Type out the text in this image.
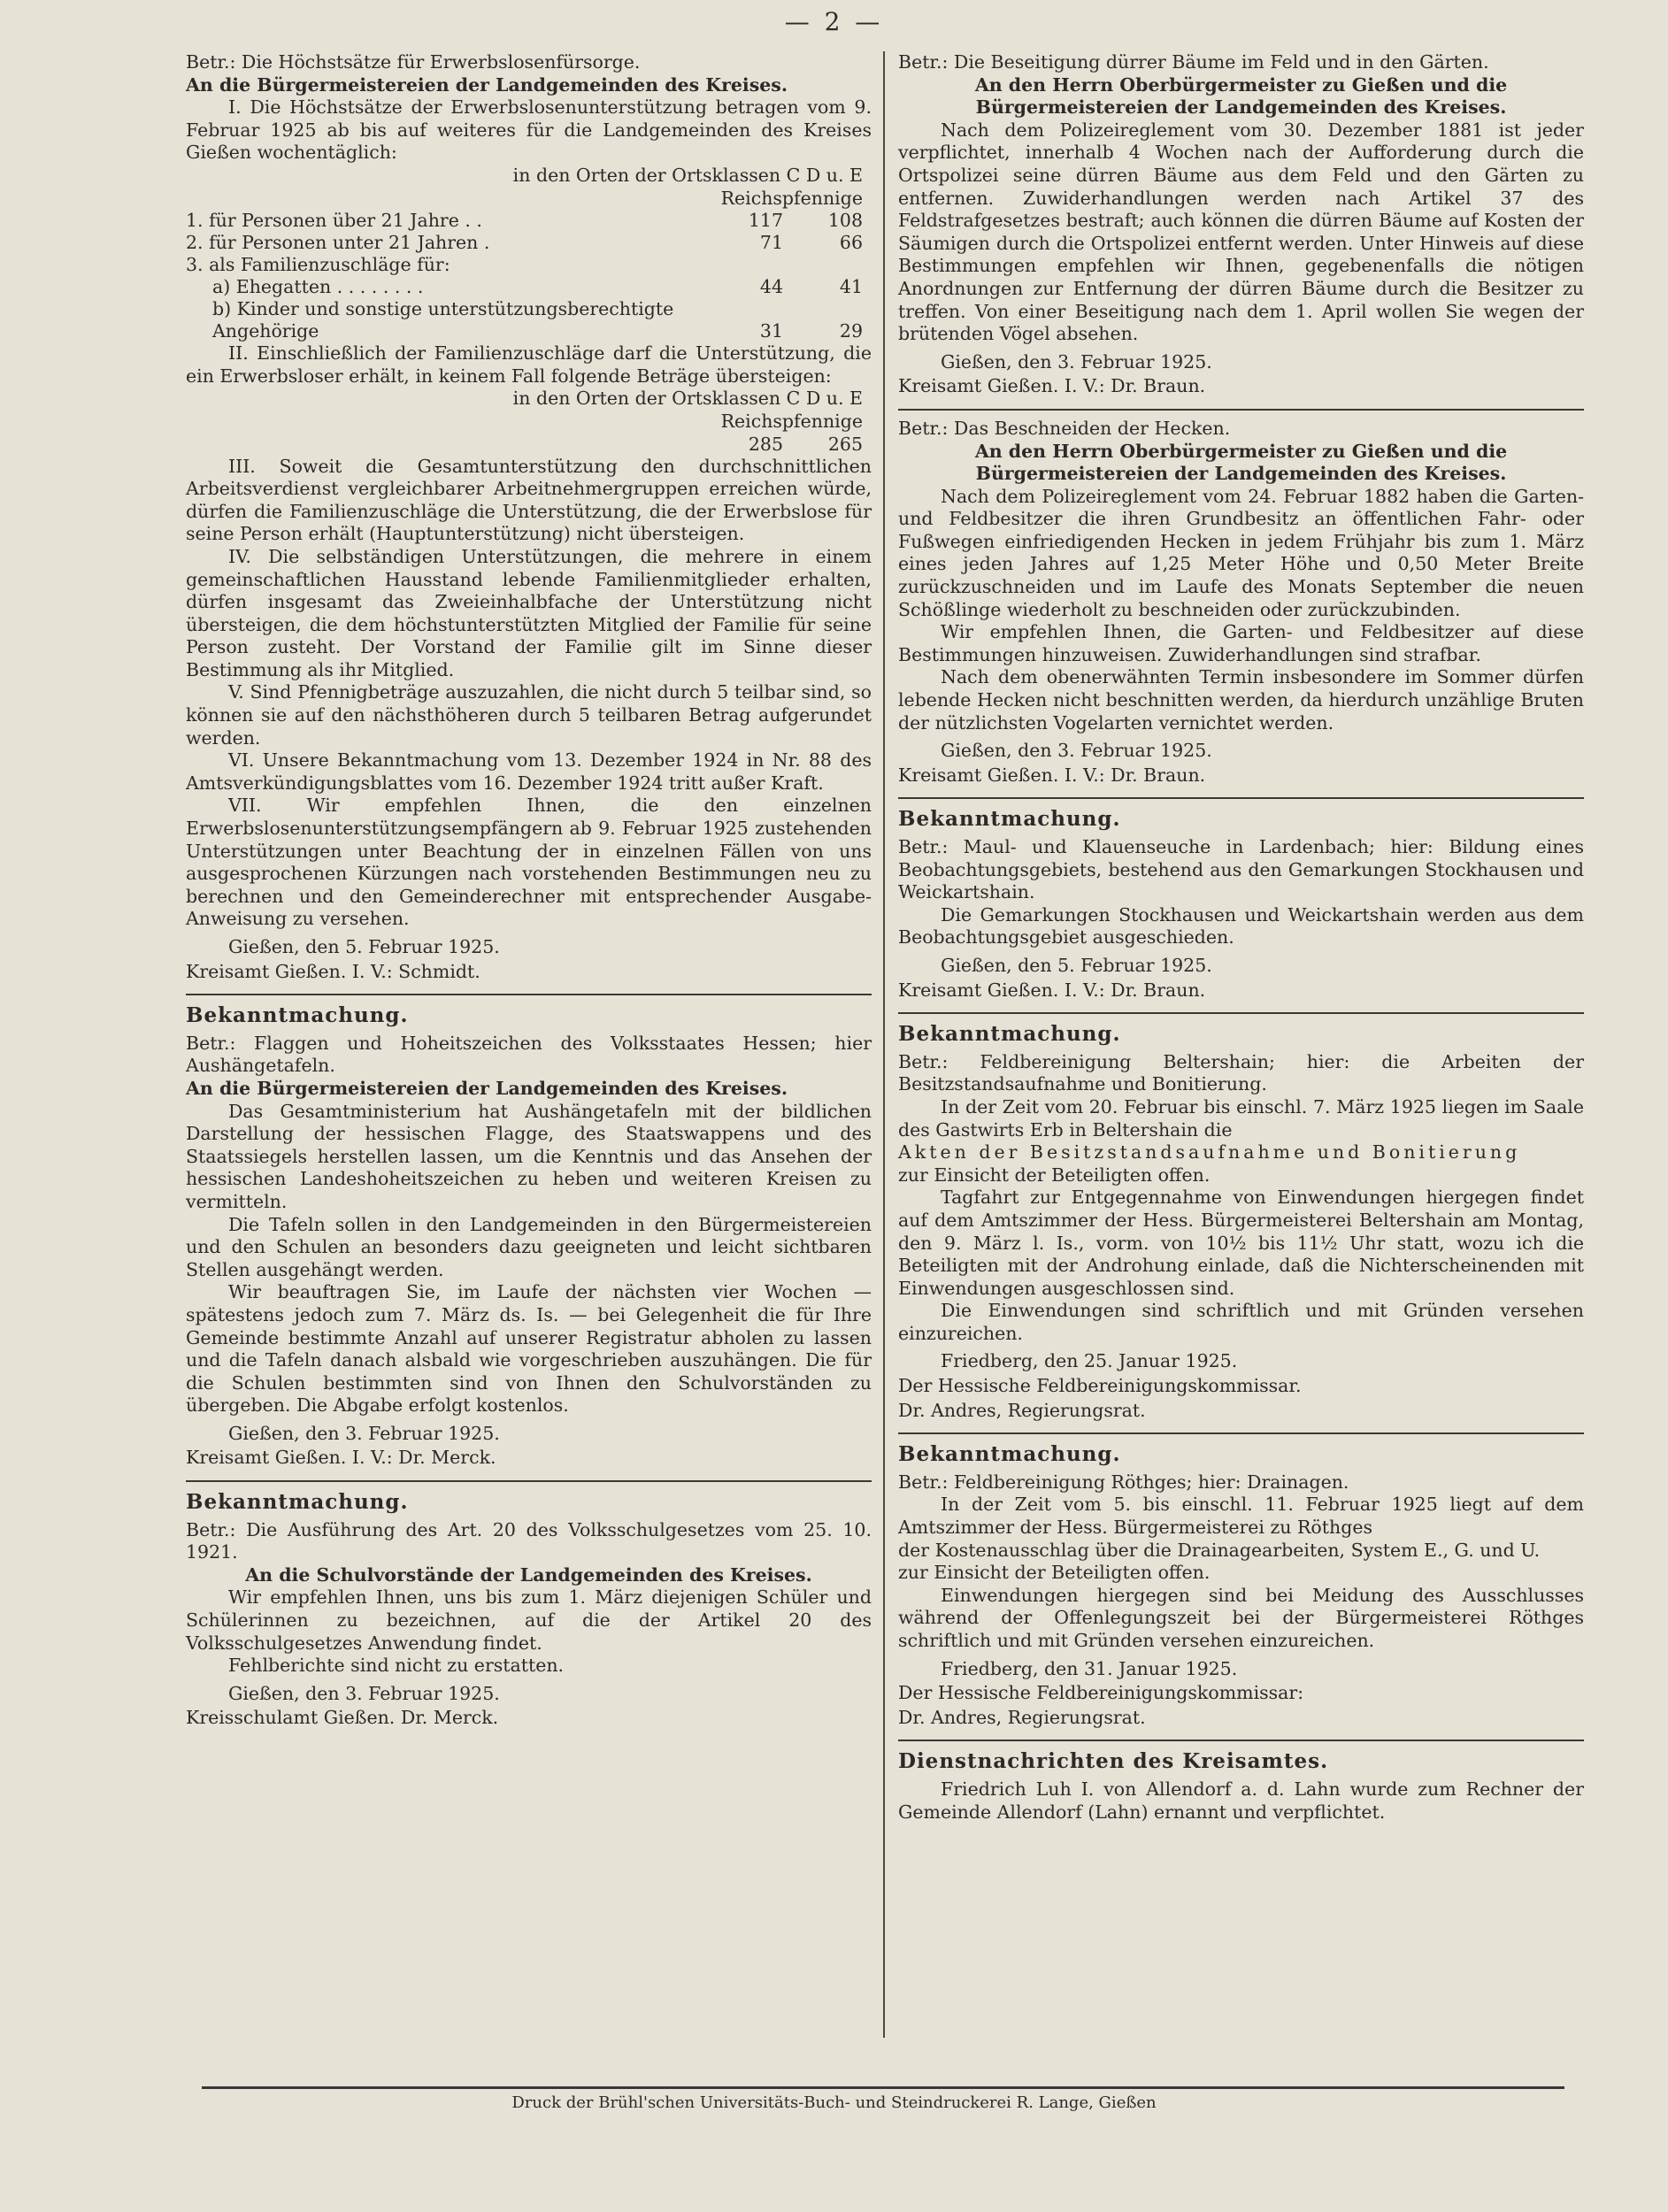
— 2 —

Betr.: Die Höchstsätze für Erwerbslosenfürsorge.

An die Bürgermeistereien der Landgemeinden des Kreises.

I. Die Höchstsätze der Erwerbslosenunterstützung betragen vom 9. Februar 1925 ab bis auf weiteres für die Landgemeinden des Kreises Gießen wochentäglich:

in den Orten der Ortsklassen C D u. E
Reichspfennige
1. für Personen über 21 Jahre . .	117	108
2. für Personen unter 21 Jahren .	71	66
3. als Familienzuschläge für:		
a) Ehegatten . . . . . . . .	44	41
b) Kinder und sonstige unterstützungsberechtigte Angehörige	31	29

II. Einschließlich der Familienzuschläge darf die Unterstützung, die ein Erwerbsloser erhält, in keinem Fall folgende Beträge übersteigen:

in den Orten der Ortsklassen C D u. E
Reichspfennige
	285	265

III. Soweit die Gesamtunterstützung den durchschnittlichen Arbeitsverdienst vergleichbarer Arbeitnehmergruppen erreichen würde, dürfen die Familienzuschläge die Unterstützung, die der Erwerbslose für seine Person erhält (Hauptunterstützung) nicht übersteigen.

IV. Die selbständigen Unterstützungen, die mehrere in einem gemeinschaftlichen Hausstand lebende Familienmitglieder erhalten, dürfen insgesamt das Zweieinhalbfache der Unterstützung nicht übersteigen, die dem höchstunterstützten Mitglied der Familie für seine Person zusteht. Der Vorstand der Familie gilt im Sinne dieser Bestimmung als ihr Mitglied.

V. Sind Pfennigbeträge auszuzahlen, die nicht durch 5 teilbar sind, so können sie auf den nächsthöheren durch 5 teilbaren Betrag aufgerundet werden.

VI. Unsere Bekanntmachung vom 13. Dezember 1924 in Nr. 88 des Amtsverkündigungsblattes vom 16. Dezember 1924 tritt außer Kraft.

VII. Wir empfehlen Ihnen, die den einzelnen Erwerbslosenunterstützungsempfängern ab 9. Februar 1925 zustehenden Unterstützungen unter Beachtung der in einzelnen Fällen von uns ausgesprochenen Kürzungen nach vorstehenden Bestimmungen neu zu berechnen und den Gemeinderechner mit entsprechender Ausgabe-Anweisung zu versehen.

Gießen, den 5. Februar 1925.

Kreisamt Gießen. I. V.: Schmidt.

Bekanntmachung.

Betr.: Flaggen und Hoheitszeichen des Volksstaates Hessen; hier Aushängetafeln.

An die Bürgermeistereien der Landgemeinden des Kreises.

Das Gesamtministerium hat Aushängetafeln mit der bildlichen Darstellung der hessischen Flagge, des Staatswappens und des Staatssiegels herstellen lassen, um die Kenntnis und das Ansehen der hessischen Landeshoheitszeichen zu heben und weiteren Kreisen zu vermitteln.

Die Tafeln sollen in den Landgemeinden in den Bürgermeistereien und den Schulen an besonders dazu geeigneten und leicht sichtbaren Stellen ausgehängt werden.

Wir beauftragen Sie, im Laufe der nächsten vier Wochen — spätestens jedoch zum 7. März ds. Is. — bei Gelegenheit die für Ihre Gemeinde bestimmte Anzahl auf unserer Registratur abholen zu lassen und die Tafeln danach alsbald wie vorgeschrieben auszuhängen. Die für die Schulen bestimmten sind von Ihnen den Schulvorständen zu übergeben. Die Abgabe erfolgt kostenlos.

Gießen, den 3. Februar 1925.

Kreisamt Gießen. I. V.: Dr. Merck.

Bekanntmachung.

Betr.: Die Ausführung des Art. 20 des Volksschulgesetzes vom 25. 10. 1921.

An die Schulvorstände der Landgemeinden des Kreises.

Wir empfehlen Ihnen, uns bis zum 1. März diejenigen Schüler und Schülerinnen zu bezeichnen, auf die der Artikel 20 des Volksschulgesetzes Anwendung findet.

Fehlberichte sind nicht zu erstatten.

Gießen, den 3. Februar 1925.

Kreisschulamt Gießen. Dr. Merck.

Betr.: Die Beseitigung dürrer Bäume im Feld und in den Gärten.

An den Herrn Oberbürgermeister zu Gießen und die Bürgermeistereien der Landgemeinden des Kreises.

Nach dem Polizeireglement vom 30. Dezember 1881 ist jeder verpflichtet, innerhalb 4 Wochen nach der Aufforderung durch die Ortspolizei seine dürren Bäume aus dem Feld und den Gärten zu entfernen. Zuwiderhandlungen werden nach Artikel 37 des Feldstrafgesetzes bestraft; auch können die dürren Bäume auf Kosten der Säumigen durch die Ortspolizei entfernt werden. Unter Hinweis auf diese Bestimmungen empfehlen wir Ihnen, gegebenenfalls die nötigen Anordnungen zur Entfernung der dürren Bäume durch die Besitzer zu treffen. Von einer Beseitigung nach dem 1. April wollen Sie wegen der brütenden Vögel absehen.

Gießen, den 3. Februar 1925.

Kreisamt Gießen. I. V.: Dr. Braun.

Betr.: Das Beschneiden der Hecken.

An den Herrn Oberbürgermeister zu Gießen und die Bürgermeistereien der Landgemeinden des Kreises.

Nach dem Polizeireglement vom 24. Februar 1882 haben die Garten- und Feldbesitzer die ihren Grundbesitz an öffentlichen Fahr- oder Fußwegen einfriedigenden Hecken in jedem Frühjahr bis zum 1. März eines jeden Jahres auf 1,25 Meter Höhe und 0,50 Meter Breite zurückzuschneiden und im Laufe des Monats September die neuen Schößlinge wiederholt zu beschneiden oder zurückzubinden.

Wir empfehlen Ihnen, die Garten- und Feldbesitzer auf diese Bestimmungen hinzuweisen. Zuwiderhandlungen sind strafbar.

Nach dem obenerwähnten Termin insbesondere im Sommer dürfen lebende Hecken nicht beschnitten werden, da hierdurch unzählige Bruten der nützlichsten Vogelarten vernichtet werden.

Gießen, den 3. Februar 1925.

Kreisamt Gießen. I. V.: Dr. Braun.

Bekanntmachung.

Betr.: Maul- und Klauenseuche in Lardenbach; hier: Bildung eines Beobachtungsgebiets, bestehend aus den Gemarkungen Stockhausen und Weickartshain.

Die Gemarkungen Stockhausen und Weickartshain werden aus dem Beobachtungsgebiet ausgeschieden.

Gießen, den 5. Februar 1925.

Kreisamt Gießen. I. V.: Dr. Braun.

Bekanntmachung.

Betr.: Feldbereinigung Beltershain; hier: die Arbeiten der Besitzstandsaufnahme und Bonitierung.

In der Zeit vom 20. Februar bis einschl. 7. März 1925 liegen im Saale des Gastwirts Erb in Beltershain die

Akten der Besitzstandsaufnahme und Bonitierung

zur Einsicht der Beteiligten offen.

Tagfahrt zur Entgegennahme von Einwendungen hiergegen findet auf dem Amtszimmer der Hess. Bürgermeisterei Beltershain am Montag, den 9. März l. Is., vorm. von 10½ bis 11½ Uhr statt, wozu ich die Beteiligten mit der Androhung einlade, daß die Nichterscheinenden mit Einwendungen ausgeschlossen sind.

Die Einwendungen sind schriftlich und mit Gründen versehen einzureichen.

Friedberg, den 25. Januar 1925.

Der Hessische Feldbereinigungskommissar.

Dr. Andres, Regierungsrat.

Bekanntmachung.

Betr.: Feldbereinigung Röthges; hier: Drainagen.

In der Zeit vom 5. bis einschl. 11. Februar 1925 liegt auf dem Amtszimmer der Hess. Bürgermeisterei zu Röthges

der Kostenausschlag über die Drainagearbeiten, System E., G. und U.

zur Einsicht der Beteiligten offen.

Einwendungen hiergegen sind bei Meidung des Ausschlusses während der Offenlegungszeit bei der Bürgermeisterei Röthges schriftlich und mit Gründen versehen einzureichen.

Friedberg, den 31. Januar 1925.

Der Hessische Feldbereinigungskommissar:

Dr. Andres, Regierungsrat.

Dienstnachrichten des Kreisamtes.

Friedrich Luh I. von Allendorf a. d. Lahn wurde zum Rechner der Gemeinde Allendorf (Lahn) ernannt und verpflichtet.

Druck der Brühl'schen Universitäts-Buch- und Steindruckerei R. Lange, Gießen
